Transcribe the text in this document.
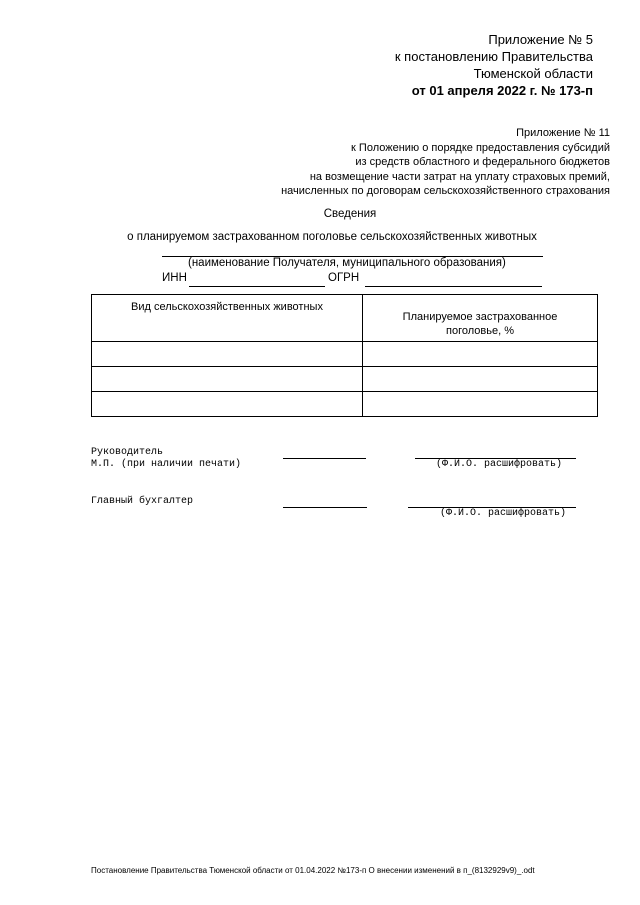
Приложение № 5
к постановлению Правительства
Тюменской области
от 01 апреля 2022 г. № 173-п
Приложение № 11
к Положению о порядке предоставления субсидий
из средств областного и федерального бюджетов
на возмещение части затрат на уплату страховых премий,
начисленных по договорам сельскохозяйственного страхования
Сведения
о планируемом застрахованном поголовье сельскохозяйственных животных
(наименование Получателя, муниципального образования)
ИНН	ОГРН
Вид сельскохозяйственных животных	Планируемое застрахованное
поголовье, %

Руководитель
М.П. (при наличии печати)	(Ф.И.О. расшифровать)
Главный бухгалтер
(Ф.И.О. расшифровать)
Постановление Правительства Тюменской области от 01.04.2022 №173-п О внесении изменений в п_(8132929v9)_.odt
